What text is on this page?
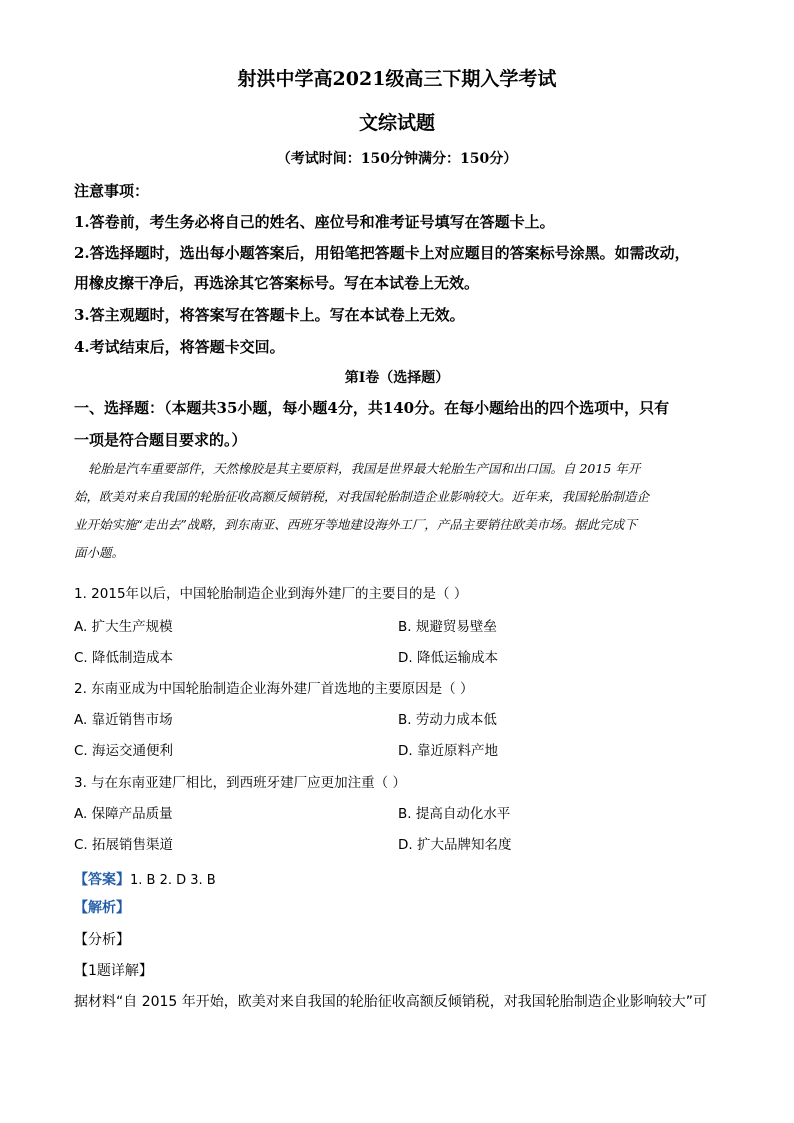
射洪中学高2021级高三下期入学考试
文综试题
（考试时间：150分钟满分：150分）
注意事项：
1.答卷前，考生务必将自己的姓名、座位号和准考证号填写在答题卡上。
2.答选择题时，选出每小题答案后，用铅笔把答题卡上对应题目的答案标号涂黑。如需改动，
用橡皮擦干净后，再选涂其它答案标号。写在本试卷上无效。
3.答主观题时，将答案写在答题卡上。写在本试卷上无效。
4.考试结束后，将答题卡交回。
第I卷（选择题）
一、选择题：（本题共35小题，每小题4分，共140分。在每小题给出的四个选项中，只有
一项是符合题目要求的。）
轮胎是汽车重要部件，天然橡胶是其主要原料，我国是世界最大轮胎生产国和出口国。自 2015 年开
始，欧美对来自我国的轮胎征收高额反倾销税，对我国轮胎制造企业影响较大。近年来，我国轮胎制造企
业开始实施“走出去”战略，到东南亚、西班牙等地建设海外工厂，产品主要销往欧美市场。据此完成下
面小题。
1. 2015年以后，中国轮胎制造企业到海外建厂的主要目的是（ ）
A. 扩大生产规模	B. 规避贸易壁垒
C. 降低制造成本	D. 降低运输成本
2. 东南亚成为中国轮胎制造企业海外建厂首选地的主要原因是（ ）
A. 靠近销售市场	B. 劳动力成本低
C. 海运交通便利	D. 靠近原料产地
3. 与在东南亚建厂相比，到西班牙建厂应更加注重（ ）
A. 保障产品质量	B. 提高自动化水平
C. 拓展销售渠道	D. 扩大品牌知名度
【答案】1. B 2. D 3. B
【解析】
【分析】
【1题详解】
据材料“自 2015 年开始，欧美对来自我国的轮胎征收高额反倾销税，对我国轮胎制造企业影响较大”可
